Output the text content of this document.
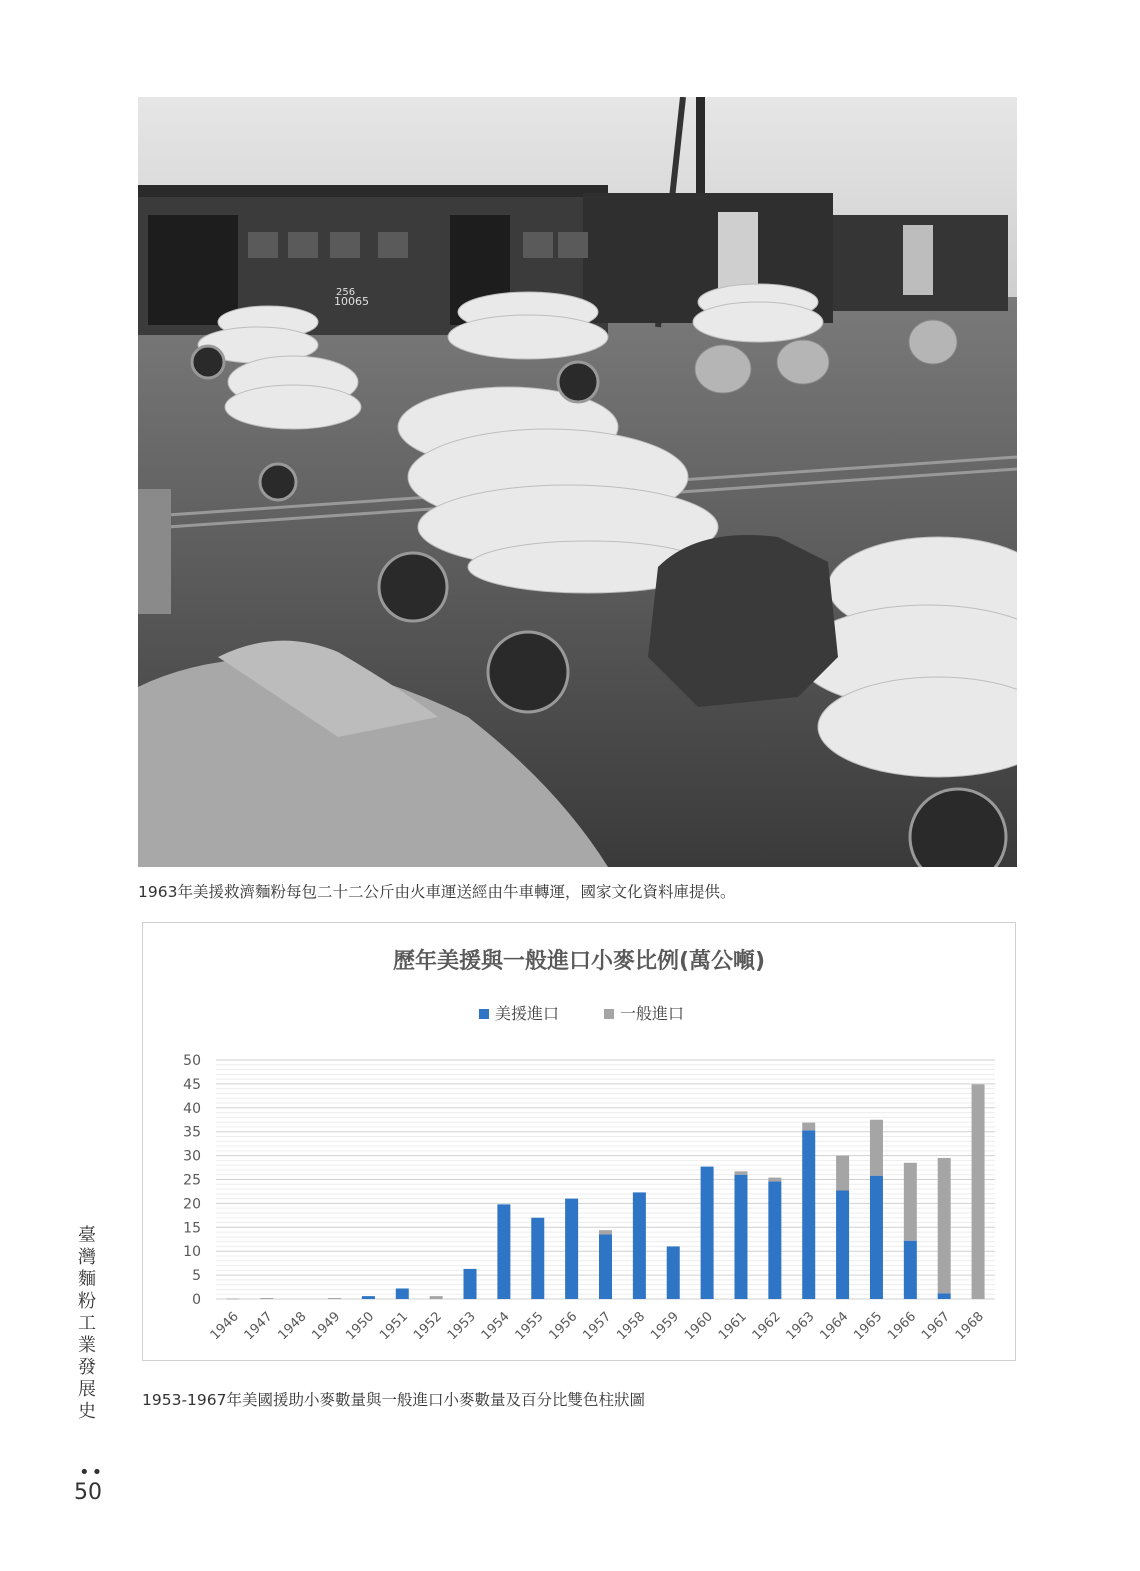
256
10065
1963年美援救濟麵粉每包二十二公斤由火車運送經由牛車轉運，國家文化資料庫提供。
歷年美援與一般進口小麥比例(萬公噸)
美援進口	一般進口
0
5
10
15
20
25
30
35
40
45
50
1946 1947 1948 1949 1950 1951 1952 1953 1954 1955 1956 1957 1958 1959 1960 1961 1962 1963 1964 1965 1966 1967 1968
1953-1967年美國援助小麥數量與一般進口小麥數量及百分比雙色柱狀圖
臺灣麵粉工業發展史
••
50
